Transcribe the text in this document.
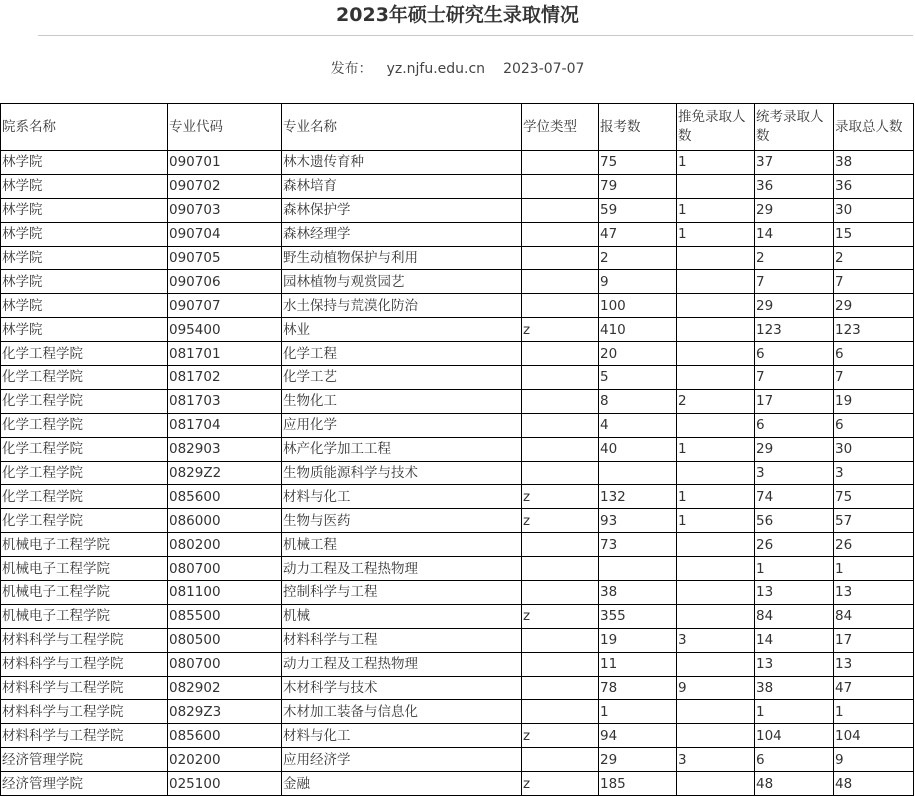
2023年硕士研究生录取情况
发布： yz.njfu.edu.cn 2023-07-07
院系名称	专业代码	专业名称	学位类型	报考数	推免录取人数	统考录取人数	录取总人数
林学院	090701	林木遗传育种		75	1	37	38
林学院	090702	森林培育		79		36	36
林学院	090703	森林保护学		59	1	29	30
林学院	090704	森林经理学		47	1	14	15
林学院	090705	野生动植物保护与利用		2		2	2
林学院	090706	园林植物与观赏园艺		9		7	7
林学院	090707	水土保持与荒漠化防治		100		29	29
林学院	095400	林业	z	410		123	123
化学工程学院	081701	化学工程		20		6	6
化学工程学院	081702	化学工艺		5		7	7
化学工程学院	081703	生物化工		8	2	17	19
化学工程学院	081704	应用化学		4		6	6
化学工程学院	082903	林产化学加工工程		40	1	29	30
化学工程学院	0829Z2	生物质能源科学与技术				3	3
化学工程学院	085600	材料与化工	z	132	1	74	75
化学工程学院	086000	生物与医药	z	93	1	56	57
机械电子工程学院	080200	机械工程		73		26	26
机械电子工程学院	080700	动力工程及工程热物理				1	1
机械电子工程学院	081100	控制科学与工程		38		13	13
机械电子工程学院	085500	机械	z	355		84	84
材料科学与工程学院	080500	材料科学与工程		19	3	14	17
材料科学与工程学院	080700	动力工程及工程热物理		11		13	13
材料科学与工程学院	082902	木材科学与技术		78	9	38	47
材料科学与工程学院	0829Z3	木材加工装备与信息化		1		1	1
材料科学与工程学院	085600	材料与化工	z	94		104	104
经济管理学院	020200	应用经济学		29	3	6	9
经济管理学院	025100	金融	z	185		48	48
